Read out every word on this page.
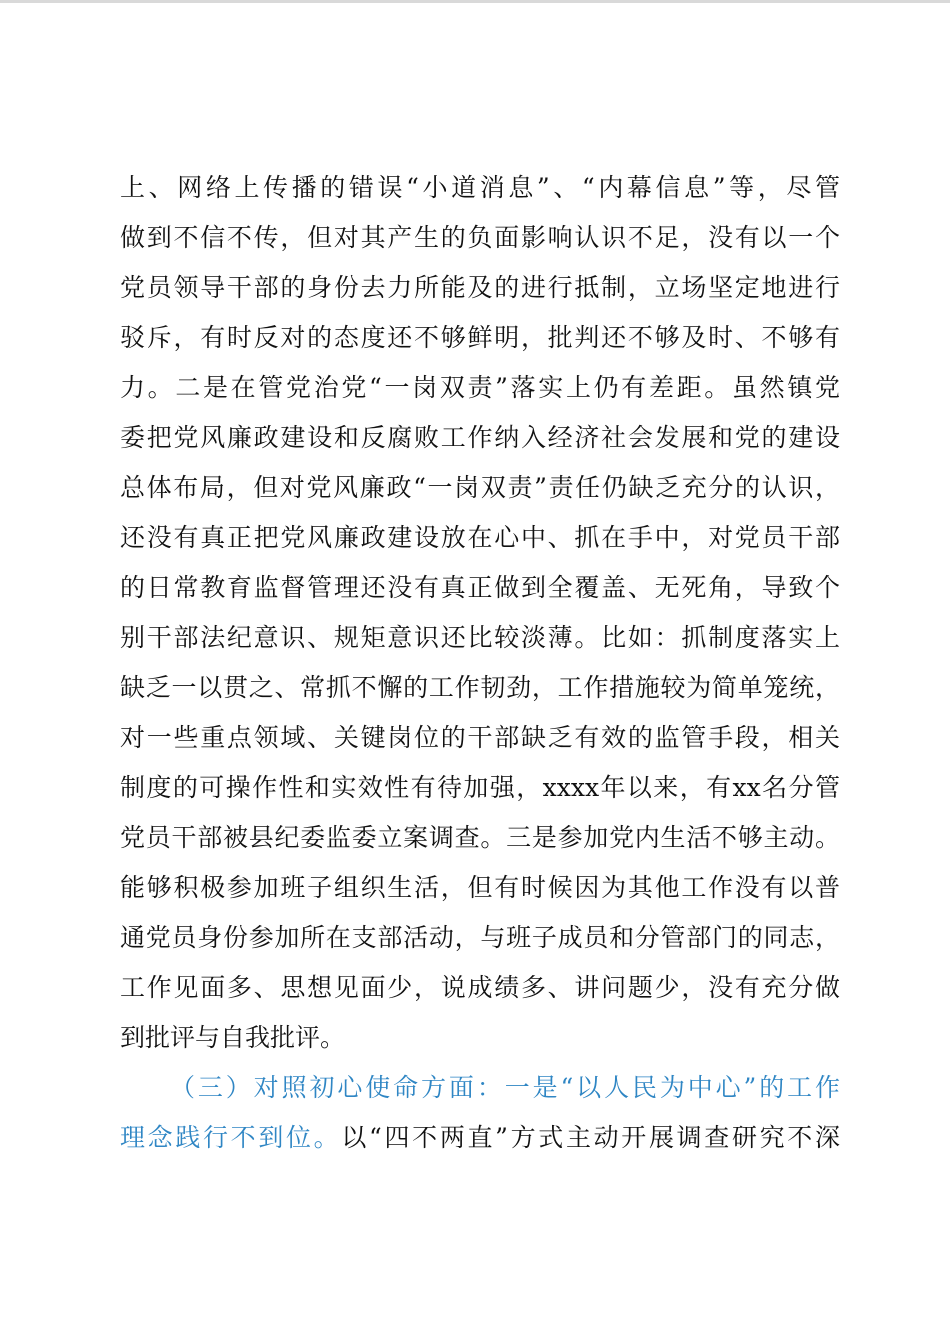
上、网络上传播的错误“小道消息”、“内幕信息”等，尽管
做到不信不传，但对其产生的负面影响认识不足，没有以一个
党员领导干部的身份去力所能及的进行抵制，立场坚定地进行
驳斥，有时反对的态度还不够鲜明，批判还不够及时、不够有
力。二是在管党治党“一岗双责”落实上仍有差距。虽然镇党
委把党风廉政建设和反腐败工作纳入经济社会发展和党的建设
总体布局，但对党风廉政“一岗双责”责任仍缺乏充分的认识，
还没有真正把党风廉政建设放在心中、抓在手中，对党员干部
的日常教育监督管理还没有真正做到全覆盖、无死角，导致个
别干部法纪意识、规矩意识还比较淡薄。比如：抓制度落实上
缺乏一以贯之、常抓不懈的工作韧劲，工作措施较为简单笼统，
对一些重点领域、关键岗位的干部缺乏有效的监管手段，相关
制度的可操作性和实效性有待加强，xxxx年以来，有xx名分管
党员干部被县纪委监委立案调查。三是参加党内生活不够主动。
能够积极参加班子组织生活，但有时候因为其他工作没有以普
通党员身份参加所在支部活动，与班子成员和分管部门的同志，
工作见面多、思想见面少，说成绩多、讲问题少，没有充分做
到批评与自我批评。
（三）对照初心使命方面：一是“以人民为中心”的工作
理念践行不到位。以“四不两直”方式主动开展调查研究不深
